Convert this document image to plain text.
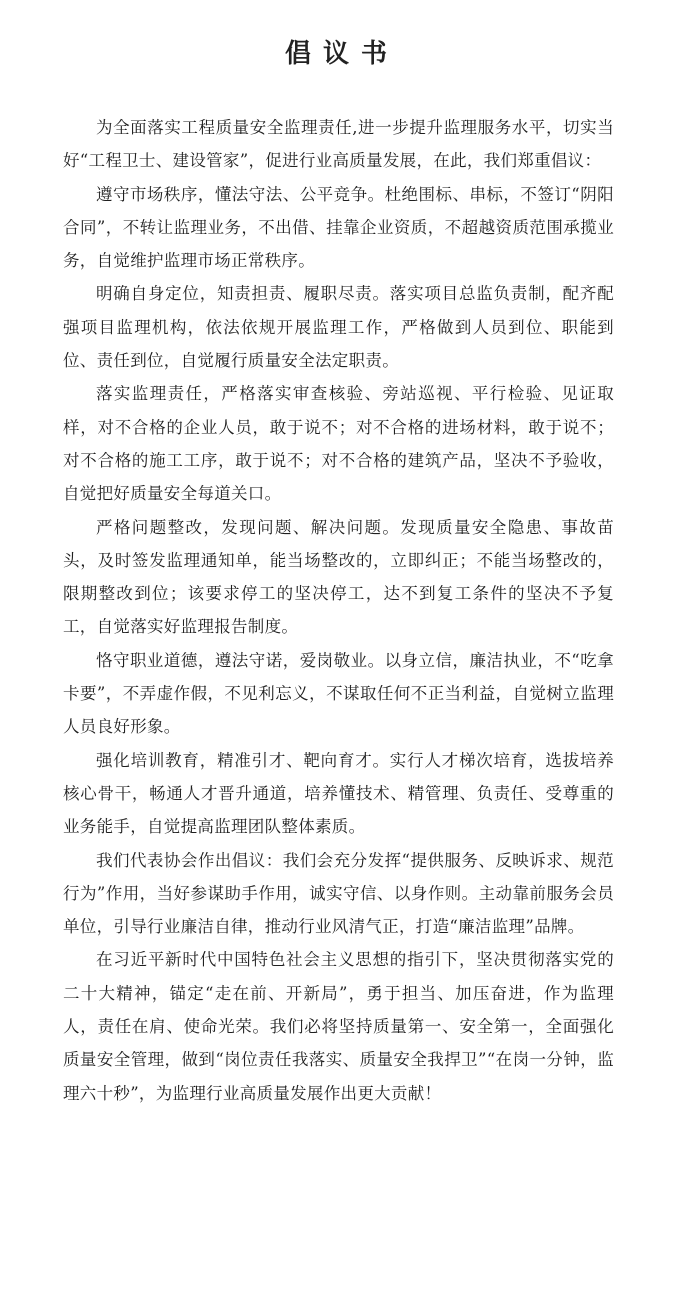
倡议书

为全面落实工程质量安全监理责任,进一步提升监理服务水平，切实当好“工程卫士、建设管家”，促进行业高质量发展，在此，我们郑重倡议：

遵守市场秩序，懂法守法、公平竞争。杜绝围标、串标，不签订“阴阳合同”，不转让监理业务，不出借、挂靠企业资质，不超越资质范围承揽业务，自觉维护监理市场正常秩序。

明确自身定位，知责担责、履职尽责。落实项目总监负责制，配齐配强项目监理机构，依法依规开展监理工作，严格做到人员到位、职能到位、责任到位，自觉履行质量安全法定职责。

落实监理责任，严格落实审查核验、旁站巡视、平行检验、见证取样，对不合格的企业人员，敢于说不；对不合格的进场材料，敢于说不；对不合格的施工工序，敢于说不；对不合格的建筑产品，坚决不予验收，自觉把好质量安全每道关口。

严格问题整改，发现问题、解决问题。发现质量安全隐患、事故苗头，及时签发监理通知单，能当场整改的，立即纠正；不能当场整改的，限期整改到位；该要求停工的坚决停工，达不到复工条件的坚决不予复工，自觉落实好监理报告制度。

恪守职业道德，遵法守诺，爱岗敬业。以身立信，廉洁执业，不“吃拿卡要”，不弄虚作假，不见利忘义，不谋取任何不正当利益，自觉树立监理人员良好形象。

强化培训教育，精准引才、靶向育才。实行人才梯次培育，选拔培养核心骨干，畅通人才晋升通道，培养懂技术、精管理、负责任、受尊重的业务能手，自觉提高监理团队整体素质。

我们代表协会作出倡议：我们会充分发挥“提供服务、反映诉求、规范行为”作用，当好参谋助手作用，诚实守信、以身作则。主动靠前服务会员单位，引导行业廉洁自律，推动行业风清气正，打造“廉洁监理”品牌。

在习近平新时代中国特色社会主义思想的指引下，坚决贯彻落实党的二十大精神，锚定“走在前、开新局”，勇于担当、加压奋进，作为监理人，责任在肩、使命光荣。我们必将坚持质量第一、安全第一，全面强化质量安全管理，做到“岗位责任我落实、质量安全我捍卫”“在岗一分钟，监理六十秒”，为监理行业高质量发展作出更大贡献！
